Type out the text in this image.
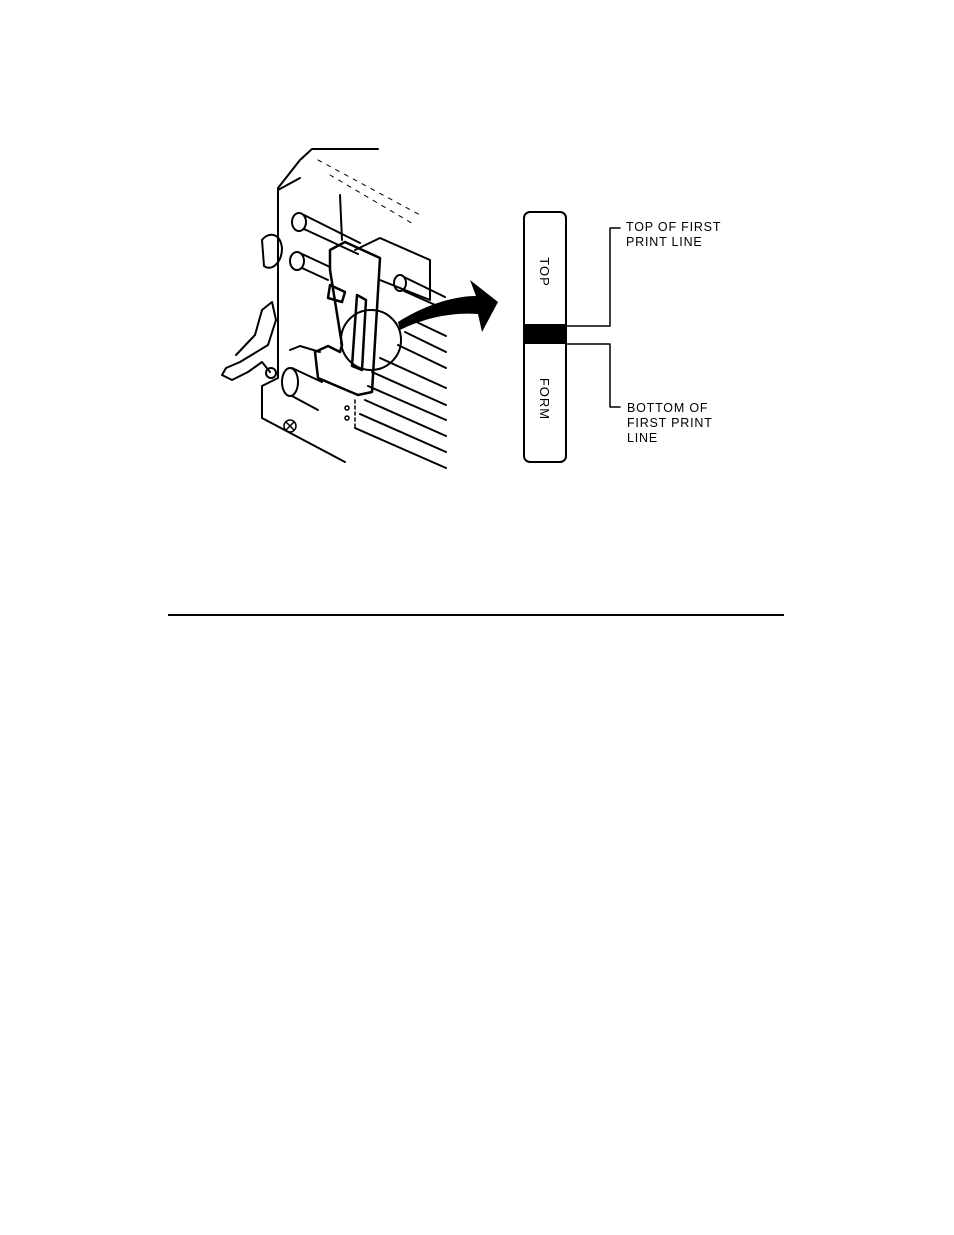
TOP
FORM
TOP OF FIRST
PRINT LINE
BOTTOM OF
FIRST PRINT
LINE
